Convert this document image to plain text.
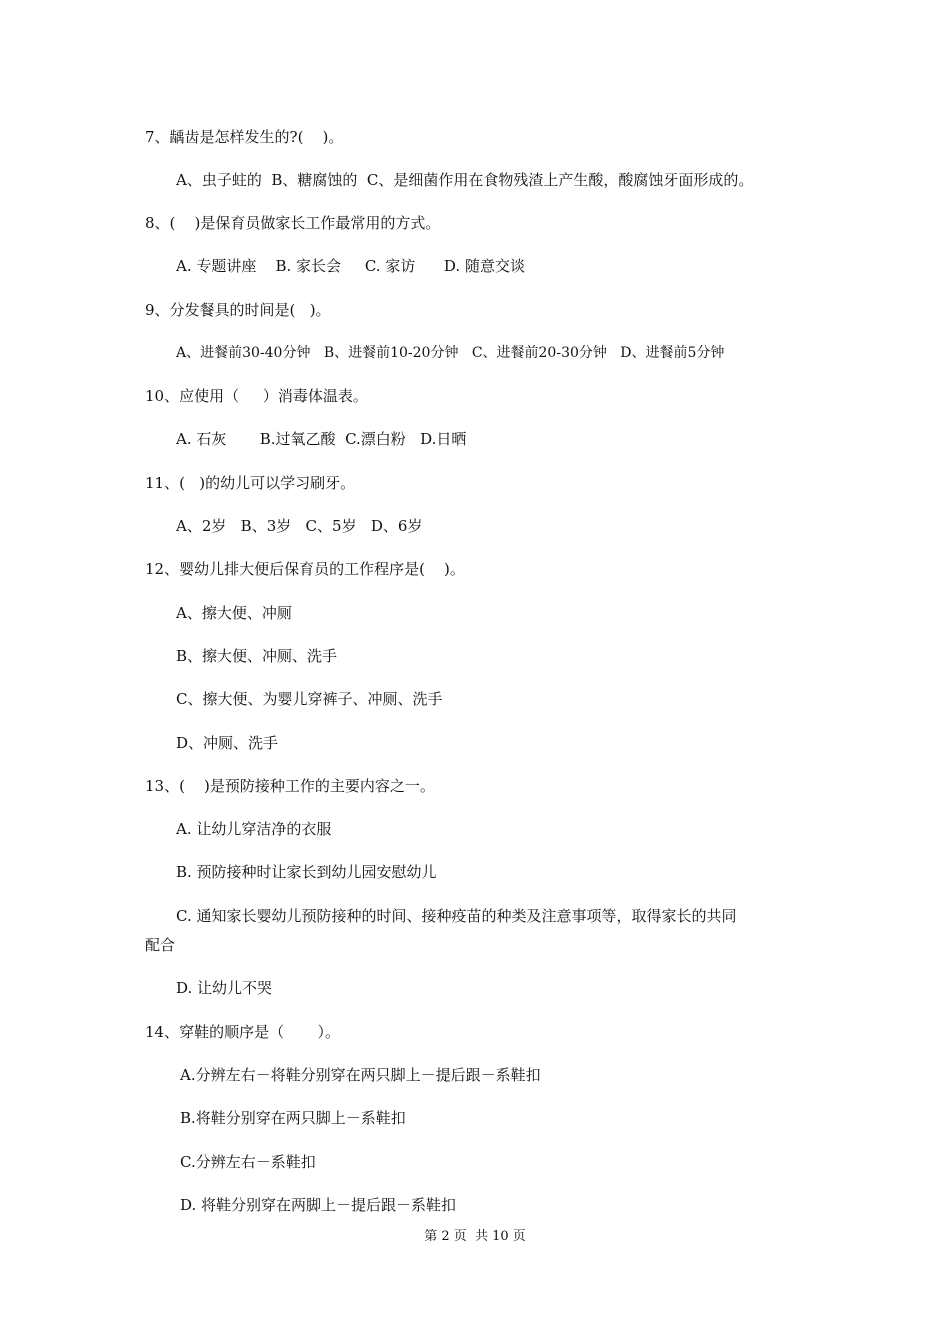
7、龋齿是怎样发生的?(    )。
A、虫子蛀的  B、糖腐蚀的  C、是细菌作用在食物残渣上产生酸，酸腐蚀牙面形成的。
8、(    )是保育员做家长工作最常用的方式。
A. 专题讲座    B. 家长会     C. 家访      D. 随意交谈
9、分发餐具的时间是(   )。
A、进餐前30-40分钟   B、进餐前10-20分钟   C、进餐前20-30分钟   D、进餐前5分钟
10、应使用（     ）消毒体温表。
A. 石灰       B.过氧乙酸  C.漂白粉   D.日晒
11、(   )的幼儿可以学习刷牙。
A、2岁   B、3岁   C、5岁   D、6岁
12、婴幼儿排大便后保育员的工作程序是(    )。
A、擦大便、冲厕
B、擦大便、冲厕、洗手
C、擦大便、为婴儿穿裤子、冲厕、洗手
D、冲厕、洗手
13、(    )是预防接种工作的主要内容之一。
A. 让幼儿穿洁净的衣服
B. 预防接种时让家长到幼儿园安慰幼儿
C. 通知家长婴幼儿预防接种的时间、接种疫苗的种类及注意事项等，取得家长的共同
配合
D. 让幼儿不哭
14、穿鞋的顺序是（       ）。
A.分辨左右－将鞋分别穿在两只脚上－提后跟－系鞋扣
B.将鞋分别穿在两只脚上－系鞋扣
C.分辨左右－系鞋扣
D. 将鞋分别穿在两脚上－提后跟－系鞋扣
第 2 页  共 10 页
